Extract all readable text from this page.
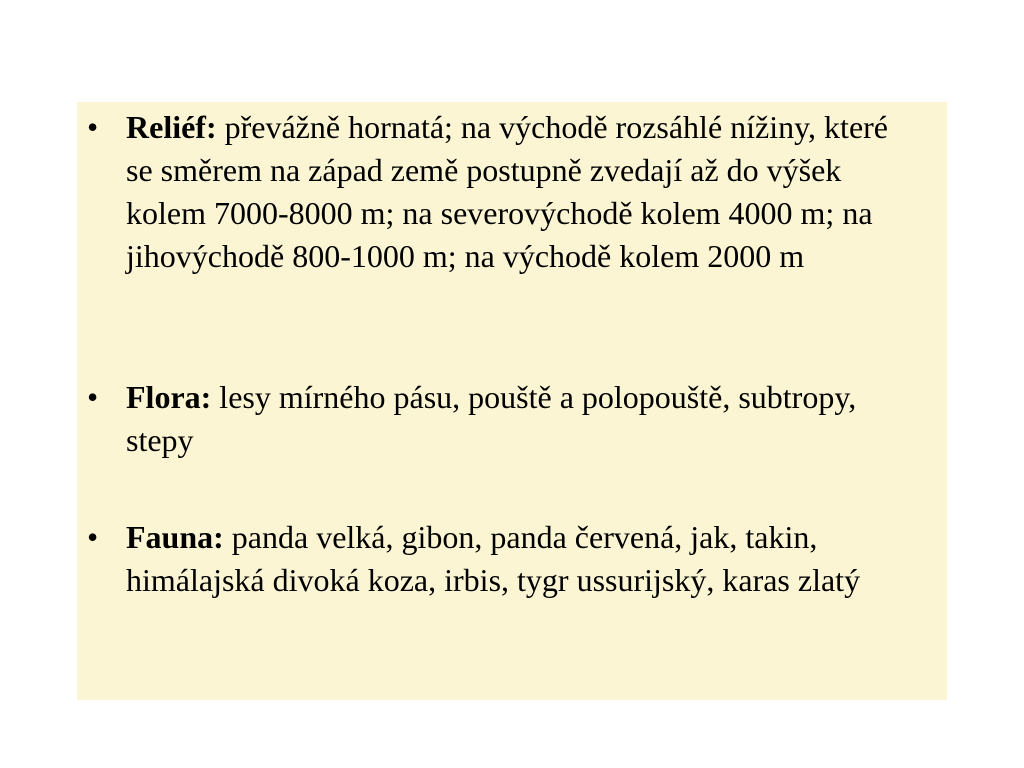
• Reliéf: převážně hornatá; na východě rozsáhlé nížiny, které se směrem na západ země postupně zvedají až do výšek kolem 7000-8000 m; na severovýchodě kolem 4000 m; na jihovýchodě 800-1000 m; na východě kolem 2000 m
• Flora: lesy mírného pásu, pouště a polopouště, subtropy, stepy
• Fauna: panda velká, gibon, panda červená, jak, takin, himálajská divoká koza, irbis, tygr ussurijský, karas zlatý
